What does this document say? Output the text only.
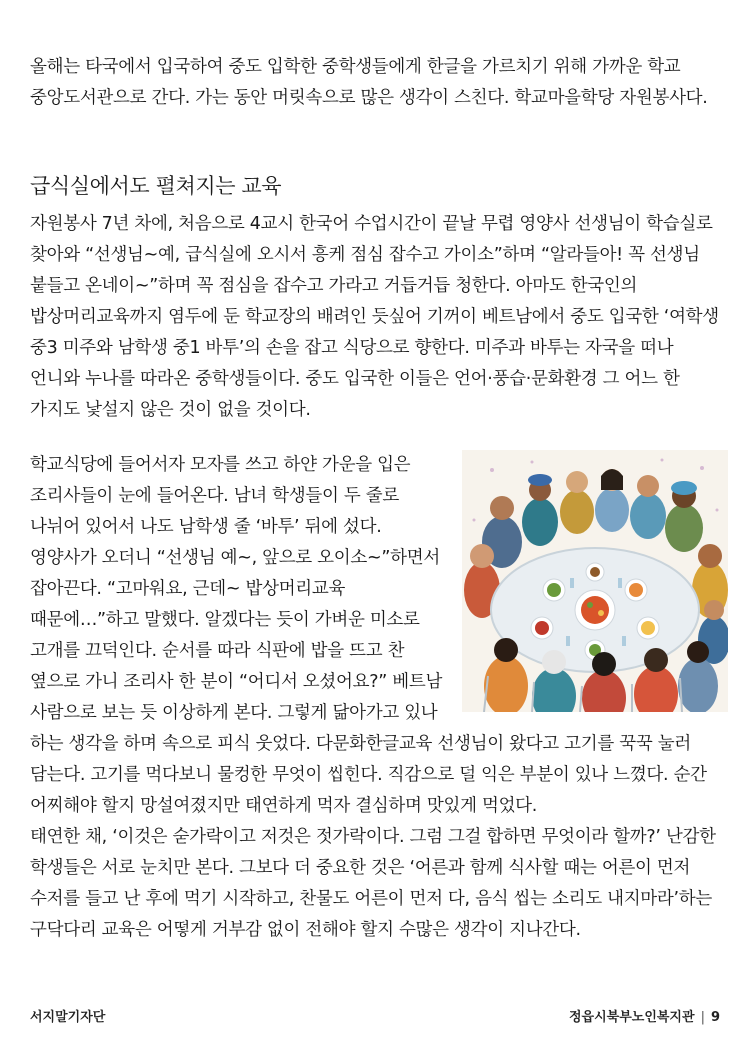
올해는 타국에서 입국하여 중도 입학한 중학생들에게 한글을 가르치기 위해 가까운 학교 중앙도서관으로 간다. 가는 동안 머릿속으로 많은 생각이 스친다. 학교마을학당 자원봉사다.

급식실에서도 펼쳐지는 교육

자원봉사 7년 차에, 처음으로 4교시 한국어 수업시간이 끝날 무렵 영양사 선생님이 학습실로 찾아와 “선생님~예, 급식실에 오시서 흥케 점심 잡수고 가이소”하며 “알라들아! 꼭 선생님 붙들고 온네이~”하며 꼭 점심을 잡수고 가라고 거듭거듭 청한다. 아마도 한국인의 밥상머리교육까지 염두에 둔 학교장의 배려인 듯싶어 기꺼이 베트남에서 중도 입국한 ‘여학생 중3 미주와 남학생 중1 바투’의 손을 잡고 식당으로 향한다. 미주과 바투는 자국을 떠나 언니와 누나를 따라온 중학생들이다. 중도 입국한 이들은 언어·풍습·문화환경 그 어느 한 가지도 낯설지 않은 것이 없을 것이다.

학교식당에 들어서자 모자를 쓰고 하얀 가운을 입은 조리사들이 눈에 들어온다. 남녀 학생들이 두 줄로 나뉘어 있어서 나도 남학생 줄 ‘바투’ 뒤에 섰다. 영양사가 오더니 “선생님 예~, 앞으로 오이소~”하면서 잡아끈다. “고마워요, 근데~ 밥상머리교육 때문에…”하고 말했다. 알겠다는 듯이 가벼운 미소로 고개를 끄덕인다. 순서를 따라 식판에 밥을 뜨고 찬 옆으로 가니 조리사 한 분이 “어디서 오셨어요?” 베트남 사람으로 보는 듯 이상하게 본다. 그렇게 닮아가고 있나 하는 생각을 하며 속으로 피식 웃었다. 다문화한글교육 선생님이 왔다고 고기를 꾹꾹 눌러 담는다. 고기를 먹다보니 물컹한 무엇이 씹힌다. 직감으로 덜 익은 부분이 있나 느꼈다. 순간 어찌해야 할지 망설여졌지만 태연하게 먹자 결심하며 맛있게 먹었다.

태연한 채, ‘이것은 숟가락이고 저것은 젓가락이다. 그럼 그걸 합하면 무엇이라 할까?’ 난감한 학생들은 서로 눈치만 본다. 그보다 더 중요한 것은 ‘어른과 함께 식사할 때는 어른이 먼저 수저를 들고 난 후에 먹기 시작하고, 찬물도 어른이 먼저 다, 음식 씹는 소리도 내지마라’하는 구닥다리 교육은 어떻게 거부감 없이 전해야 할지 수많은 생각이 지나간다.

서지말기자단	정읍시북부노인복지관 | 9
